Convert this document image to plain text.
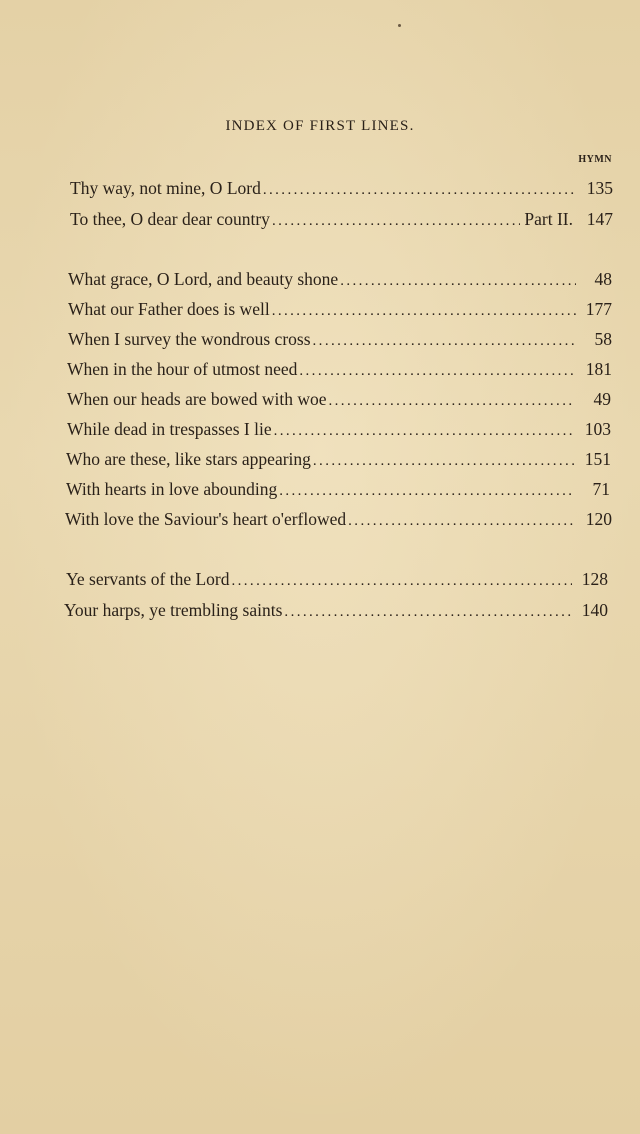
INDEX OF FIRST LINES.
HYMN
Thy way, not mine, O Lord .....	135
To thee, O dear dear country .....	Part II. 147
What grace, O Lord, and beauty shone .....	48
What our Father does is well .....	177
When I survey the wondrous cross .....	58
When in the hour of utmost need .....	181
When our heads are bowed with woe .....	49
While dead in trespasses I lie .....	103
Who are these, like stars appearing .....	151
With hearts in love abounding .....	71
With love the Saviour's heart o'erflowed .....	120
Ye servants of the Lord .....	128
Your harps, ye trembling saints .....	140
